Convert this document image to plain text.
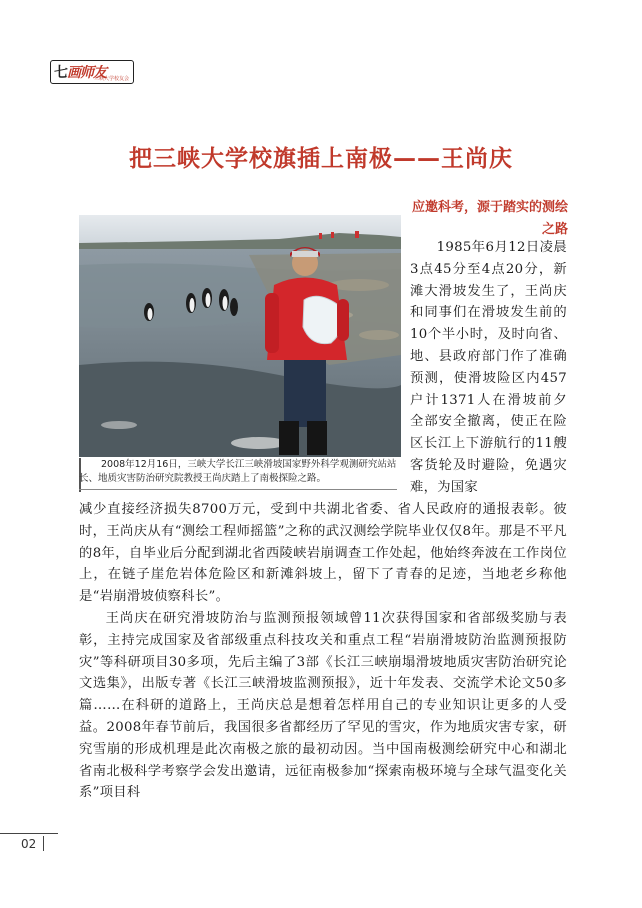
七 画师友
三峡大学校友会
把三峡大学校旗插上南极——王尚庆
2008年12月16日，三峡大学长江三峡滑坡国家野外科学观测研究站站长、地质灾害防治研究院教授王尚庆踏上了南极探险之路。
应邀科考，源于踏实的测绘之路

1985年6月12日凌晨3点45分至4点20分，新滩大滑坡发生了，王尚庆和同事们在滑坡发生前的10个半小时，及时向省、地、县政府部门作了准确预测，使滑坡险区内457户计1371人在滑坡前夕全部安全撤离，使正在险区长江上下游航行的11艘客货轮及时避险，免遇灾难，为国家

减少直接经济损失8700万元，受到中共湖北省委、省人民政府的通报表彰。彼时，王尚庆从有“测绘工程师摇篮”之称的武汉测绘学院毕业仅仅8年。那是不平凡的8年，自毕业后分配到湖北省西陵峡岩崩调查工作处起，他始终奔波在工作岗位上，在链子崖危岩体危险区和新滩斜坡上，留下了青春的足迹，当地老乡称他是“岩崩滑坡侦察科长”。

王尚庆在研究滑坡防治与监测预报领域曾11次获得国家和省部级奖励与表彰，主持完成国家及省部级重点科技攻关和重点工程“岩崩滑坡防治监测预报防灾”等科研项目30多项，先后主编了3部《长江三峡崩塌滑坡地质灾害防治研究论文选集》，出版专著《长江三峡滑坡监测预报》，近十年发表、交流学术论文50多篇……在科研的道路上，王尚庆总是想着怎样用自己的专业知识让更多的人受益。2008年春节前后，我国很多省都经历了罕见的雪灾，作为地质灾害专家，研究雪崩的形成机理是此次南极之旅的最初动因。当中国南极测绘研究中心和湖北省南北极科学考察学会发出邀请，远征南极参加“探索南极环境与全球气温变化关系”项目科

02
